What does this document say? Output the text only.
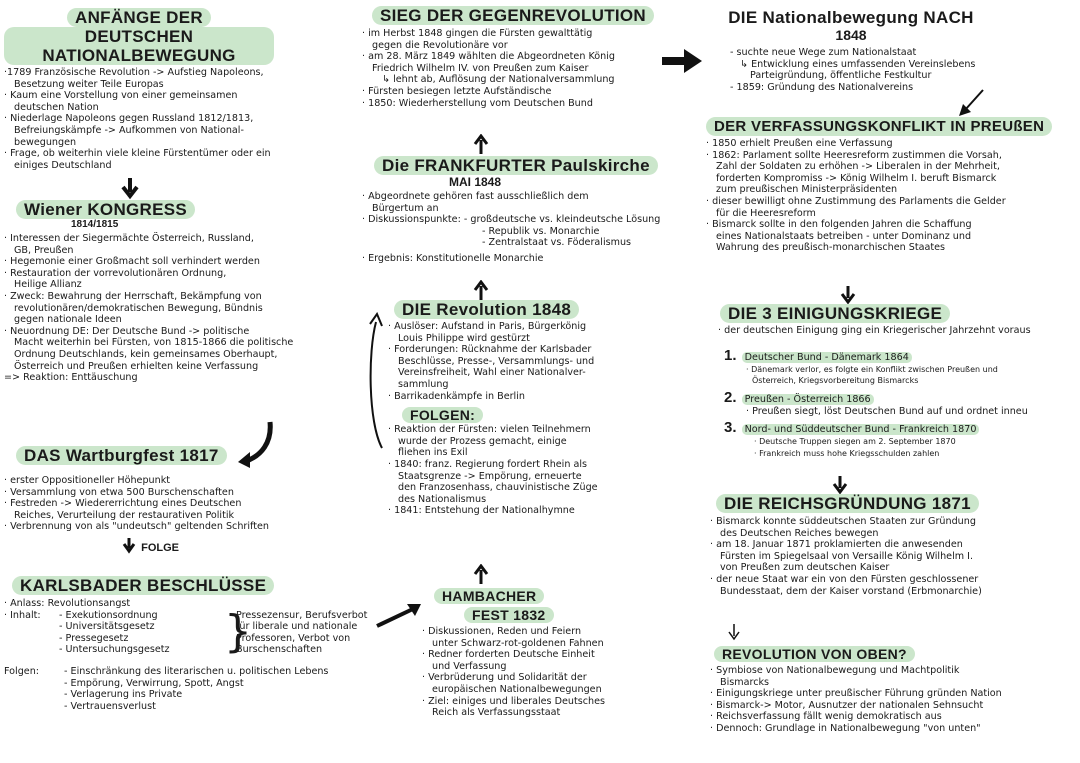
ANFÄNGE DER
DEUTSCHEN NATIONALBEWEGUNG
·1789 Französische Revolution -> Aufstieg Napoleons,
Besetzung weiter Teile Europas
· Kaum eine Vorstellung von einer gemeinsamen
deutschen Nation
· Niederlage Napoleons gegen Russland 1812/1813,
Befreiungskämpfe -> Aufkommen von National-
bewegungen
· Frage, ob weiterhin viele kleine Fürstentümer oder ein
einiges Deutschland
Wiener KONGRESS
1814/1815
· Interessen der Siegermächte Österreich, Russland,
GB, Preußen
· Hegemonie einer Großmacht soll verhindert werden
· Restauration der vorrevolutionären Ordnung,
Heilige Allianz
· Zweck: Bewahrung der Herrschaft, Bekämpfung von
revolutionären/demokratischen Bewegung, Bündnis
gegen nationale Ideen
· Neuordnung DE: Der Deutsche Bund -> politische
Macht weiterhin bei Fürsten, von 1815-1866 die politische
Ordnung Deutschlands, kein gemeinsames Oberhaupt,
Österreich und Preußen erhielten keine Verfassung
=> Reaktion: Enttäuschung
DAS Wartburgfest 1817
· erster Oppositioneller Höhepunkt
· Versammlung von etwa 500 Burschenschaften
· Festreden -> Wiedererrichtung eines Deutschen
Reiches, Verurteilung der restaurativen Politik
· Verbrennung von als "undeutsch" geltenden Schriften
FOLGE
KARLSBADER BESCHLÜSSE
· Anlass: Revolutionsangst
· Inhalt:	- Exekutionsordnung
- Universitätsgesetz
- Pressegesetz
- Untersuchungsgesetz	}
Pressezensur, Berufsverbot
für liberale und nationale
Professoren, Verbot von
Burschenschaften
Folgen:	- Einschränkung des literarischen u. politischen Lebens
- Empörung, Verwirrung, Spott, Angst
- Verlagerung ins Private
- Vertrauensverlust
SIEG DER GEGENREVOLUTION
· im Herbst 1848 gingen die Fürsten gewalttätig
gegen die Revolutionäre vor
· am 28. März 1849 wählten die Abgeordneten König
Friedrich Wilhelm IV. von Preußen zum Kaiser
↳ lehnt ab, Auflösung der Nationalversammlung
· Fürsten besiegen letzte Aufständische
· 1850: Wiederherstellung vom Deutschen Bund
Die FRANKFURTER Paulskirche
MAI 1848
· Abgeordnete gehören fast ausschließlich dem
Bürgertum an
· Diskussionspunkte: - großdeutsche vs. kleindeutsche Lösung
- Republik vs. Monarchie
- Zentralstaat vs. Föderalismus
· Ergebnis: Konstitutionelle Monarchie
DIE Revolution 1848
· Auslöser: Aufstand in Paris, Bürgerkönig
Louis Philippe wird gestürzt
· Forderungen: Rücknahme der Karlsbader
Beschlüsse, Presse-, Versammlungs- und
Vereinsfreiheit, Wahl einer Nationalver-
sammlung
· Barrikadenkämpfe in Berlin
FOLGEN:
· Reaktion der Fürsten: vielen Teilnehmern
wurde der Prozess gemacht, einige
fliehen ins Exil
· 1840: franz. Regierung fordert Rhein als
Staatsgrenze -> Empörung, erneuerte
den Franzosenhass, chauvinistische Züge
des Nationalismus
· 1841: Entstehung der Nationalhymne
HAMBACHER
FEST 1832
· Diskussionen, Reden und Feiern
unter Schwarz-rot-goldenen Fahnen
· Redner forderten Deutsche Einheit
und Verfassung
· Verbrüderung und Solidarität der
europäischen Nationalbewegungen
· Ziel: einiges und liberales Deutsches
Reich als Verfassungsstaat
DIE Nationalbewegung NACH
1848
- suchte neue Wege zum Nationalstaat
↳ Entwicklung eines umfassenden Vereinslebens
Parteigründung, öffentliche Festkultur
- 1859: Gründung des Nationalvereins
DER VERFASSUNGSKONFLIKT IN PREUßEN
· 1850 erhielt Preußen eine Verfassung
· 1862: Parlament sollte Heeresreform zustimmen die Vorsah,
Zahl der Soldaten zu erhöhen -> Liberalen in der Mehrheit,
forderten Kompromiss -> König Wilhelm I. beruft Bismarck
zum preußischen Ministerpräsidenten
· dieser bewilligt ohne Zustimmung des Parlaments die Gelder
für die Heeresreform
· Bismarck sollte in den folgenden Jahren die Schaffung
eines Nationalstaats betreiben - unter Dominanz und
Wahrung des preußisch-monarchischen Staates
DIE 3 EINIGUNGSKRIEGE
· der deutschen Einigung ging ein Kriegerischer Jahrzehnt voraus
1. Deutscher Bund - Dänemark 1864
· Dänemark verlor, es folgte ein Konflikt zwischen Preußen und
Österreich, Kriegsvorbereitung Bismarcks
2. Preußen - Österreich 1866
· Preußen siegt, löst Deutschen Bund auf und ordnet inneu
3. Nord- und Süddeutscher Bund - Frankreich 1870
· Deutsche Truppen siegen am 2. September 1870
· Frankreich muss hohe Kriegsschulden zahlen
DIE REICHSGRÜNDUNG 1871
· Bismarck konnte süddeutschen Staaten zur Gründung
des Deutschen Reiches bewegen
· am 18. Januar 1871 proklamierten die anwesenden
Fürsten im Spiegelsaal von Versaille König Wilhelm I.
von Preußen zum deutschen Kaiser
· der neue Staat war ein von den Fürsten geschlossener
Bundesstaat, dem der Kaiser vorstand (Erbmonarchie)
REVOLUTION VON OBEN?
· Symbiose von Nationalbewegung und Machtpolitik
Bismarcks
· Einigungskriege unter preußischer Führung gründen Nation
· Bismarck-> Motor, Ausnutzer der nationalen Sehnsucht
· Reichsverfassung fällt wenig demokratisch aus
· Dennoch: Grundlage in Nationalbewegung "von unten"
